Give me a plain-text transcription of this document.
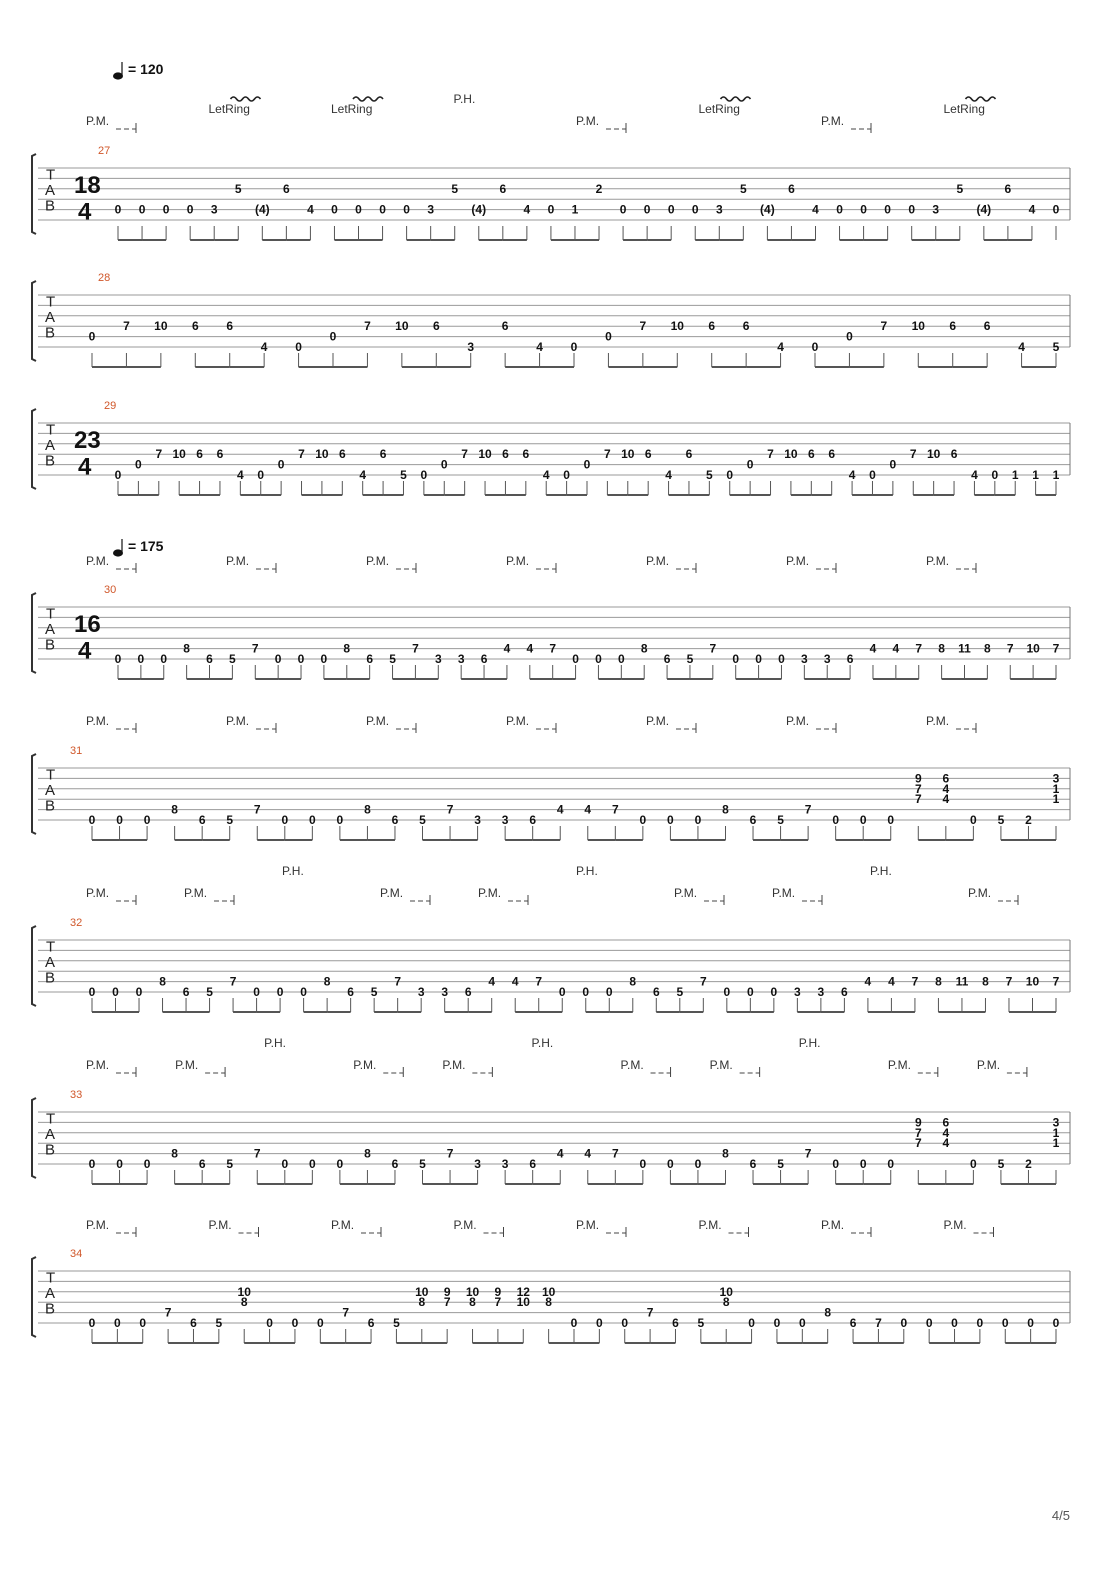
T
A
B
27
18
4
= 120
P.M.
LetRing	LetRing
P.H.
P.M.
LetRing
P.M.
LetRing
0 0 0 0 3
5
(4)
6
4 0 0 0 0 3
5
(4)
6
4 0 1
2
0 0 0 0 3
5
(4)
6
4 0 0 0 0 3
5
(4)
6
4 0
T
A
B
28
0
7 10 6 6
4 0
0
7 10 6
3
6
4 0
0
7 10 6 6
4 0
0
7 10 6 6
4 5
T
A
B
29
23
4 0
0
7 10 6 6
4 0
0
7 10 6
4
6
5 0
0
7 10 6 6
4 0
0
7 10 6
4
6
5 0
0
7 10 6 6
4 0
0
7 10 6
4 0 1 1 1
T
A
B
30
16
4
= 175
P.M.	P.M.	P.M.	P.M.	P.M.	P.M.	P.M.
0 0 0
8
6 5
7
0 0 0
8
6 5
7
3 3 6
4 4 7
0 0 0
8
6 5
7
0 0 0 3 3 6
4 4 7 8 11 8 7 10 7
T
A
B
31
P.M.	P.M.	P.M.	P.M.	P.M.	P.M.	P.M.
0 0 0
8
6 5
7
0 0 0
8
6 5
7
3 3 6
4 4 7
0 0 0
8
6 5
7
0 0 0
9
7
7
6
4
4
0 5 2
3
1
1
T
A
B
32
P.M.	P.M.
P.H.
P.M.	P.M.
P.H.
P.M.	P.M.
P.H.
P.M.
0 0 0
8
6 5
7
0 0 0
8
6 5
7
3 3 6
4 4 7
0 0 0
8
6 5
7
0 0 0 3 3 6
4 4 7 8 11 8 7 10 7
T
A
B
33
P.M.	P.M.
P.H.
P.M.	P.M.
P.H.
P.M.	P.M.
P.H.
P.M.	P.M.
0 0 0
8
6 5
7
0 0 0
8
6 5
7
3 3 6
4 4 7
0 0 0
8
6 5
7
0 0 0
9
7
7
6
4
4
0 5 2
3
1
1
T
A
B
34
P.M.	P.M.	P.M.	P.M.	P.M.	P.M.	P.M.	P.M.
0 0 0
7
6 5
10
8
0 0 0
7
6 5
10
8
9
7
10
8
9
7
12
10
10
8
0 0 0
7
6 5
10
8
0 0 0
8
6 7 0 0 0 0 0 0 0
4/5
